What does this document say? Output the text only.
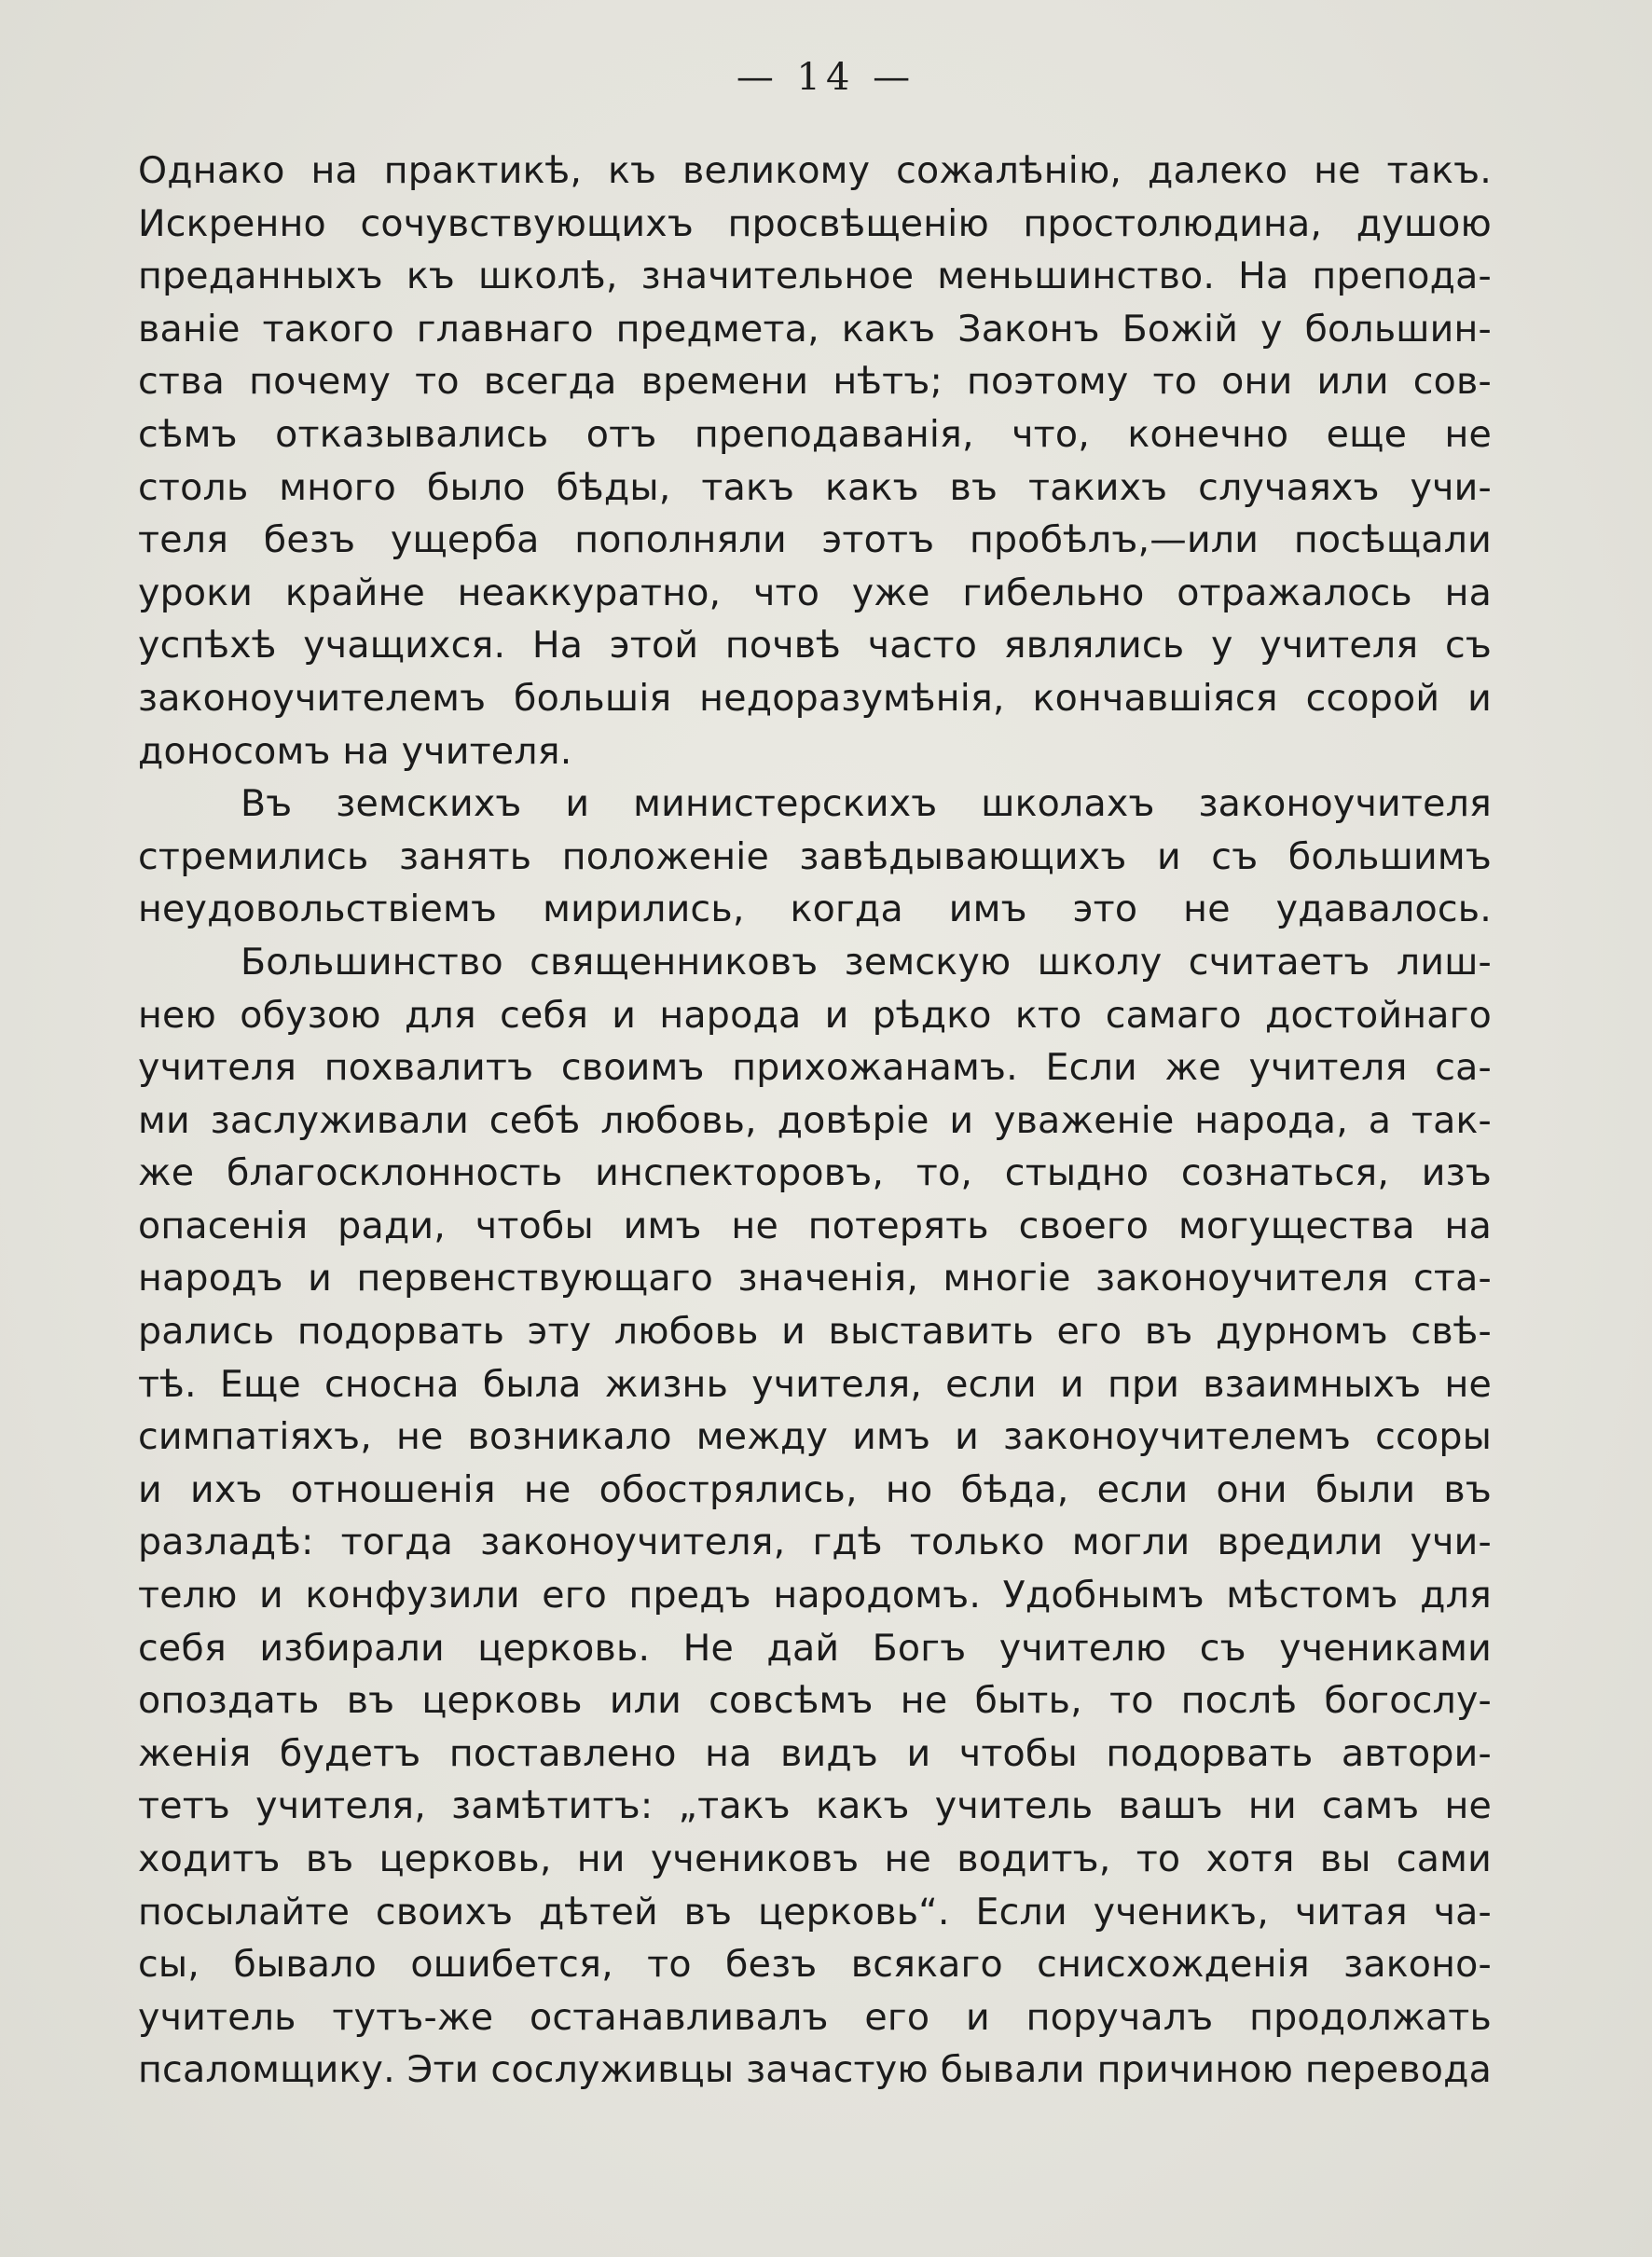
— 14 —
Однако на практикѣ, къ великому сожалѣнію, далеко не такъ.
Искренно сочувствующихъ просвѣщенію простолюдина, душою
преданныхъ къ школѣ, значительное меньшинство. На препода-
ваніе такого главнаго предмета, какъ Законъ Божій у большин-
ства почему то всегда времени нѣтъ; поэтому то они или сов-
сѣмъ отказывались отъ преподаванія, что, конечно еще не
столь много было бѣды, такъ какъ въ такихъ случаяхъ учи-
теля безъ ущерба пополняли этотъ пробѣлъ,—или посѣщали
уроки крайне неаккуратно, что уже гибельно отражалось на
успѣхѣ учащихся. На этой почвѣ часто являлись у учителя съ
законоучителемъ большія недоразумѣнія, кончавшіяся ссорой и
доносомъ на учителя.
Въ земскихъ и министерскихъ школахъ законоучителя
стремились занять положеніе завѣдывающихъ и съ большимъ
неудовольствіемъ мирились, когда имъ это не удавалось.
Большинство священниковъ земскую школу считаетъ лиш-
нею обузою для себя и народа и рѣдко кто самаго достойнаго
учителя похвалитъ своимъ прихожанамъ. Если же учителя са-
ми заслуживали себѣ любовь, довѣріе и уваженіе народа, а так-
же благосклонность инспекторовъ, то, стыдно сознаться, изъ
опасенія ради, чтобы имъ не потерять своего могущества на
народъ и первенствующаго значенія, многіе законоучителя ста-
рались подорвать эту любовь и выставить его въ дурномъ свѣ-
тѣ. Еще сносна была жизнь учителя, если и при взаимныхъ не
симпатіяхъ, не возникало между имъ и законоучителемъ ссоры
и ихъ отношенія не обострялись, но бѣда, если они были въ
разладѣ: тогда законоучителя, гдѣ только могли вредили учи-
телю и конфузили его предъ народомъ. Удобнымъ мѣстомъ для
себя избирали церковь. Не дай Богъ учителю съ учениками
опоздать въ церковь или совсѣмъ не быть, то послѣ богослу-
женія будетъ поставлено на видъ и чтобы подорвать автори-
тетъ учителя, замѣтитъ: „такъ какъ учитель вашъ ни самъ не
ходитъ въ церковь, ни учениковъ не водитъ, то хотя вы сами
посылайте своихъ дѣтей въ церковь“. Если ученикъ, читая ча-
сы, бывало ошибется, то безъ всякаго снисхожденія законо-
учитель тутъ-же останавливалъ его и поручалъ продолжать
псаломщику. Эти сослуживцы зачастую бывали причиною перевода
